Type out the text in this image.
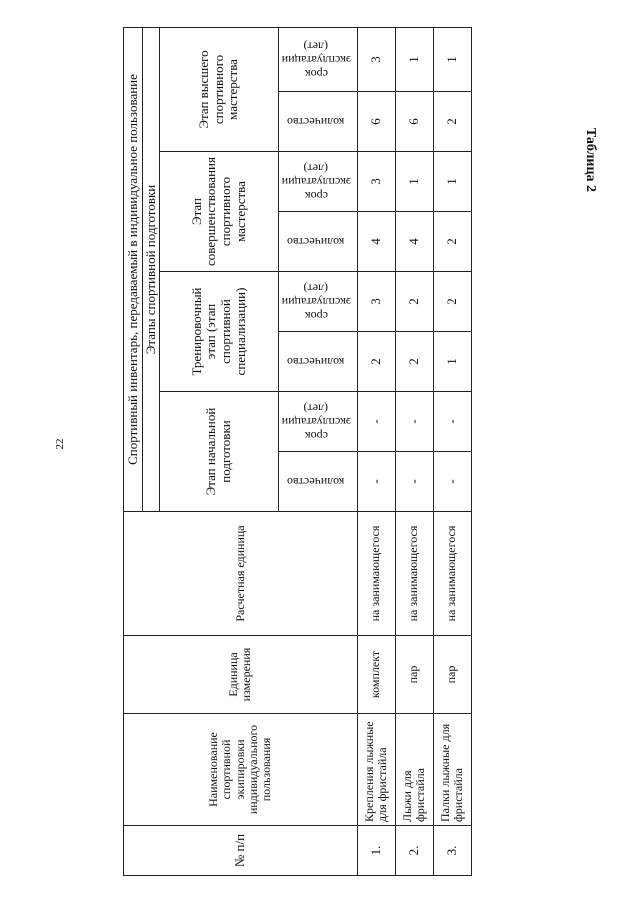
22
Таблица 2
№ п/п	Наименование спортивной экипировки индивидуального пользования	Единица измерения	Расчетная единица	Спортивный инвентарь, передаваемый в индивидуальное пользование							
				Этапы спортивной подготовки							
				Этап начальной подготовки		Тренировочный этап (этап спортивной специализации)		Этап совершенствования спортивного мастерства		Этап высшего спортивного мастерства	
				количество	срок эксплуатации (лет)	количество	срок эксплуатации (лет)	количество	срок эксплуатации (лет)	количество	срок эксплуатации (лет)
1.	Крепления лыжные для фристайла	комплект	на занимающегося	-	-	2	3	4	3	6	3
2.	Лыжи для фристайла	пар	на занимающегося	-	-	2	2	4	1	6	1
3.	Палки лыжные для фристайла	пар	на занимающегося	-	-	1	2	2	1	2	1
